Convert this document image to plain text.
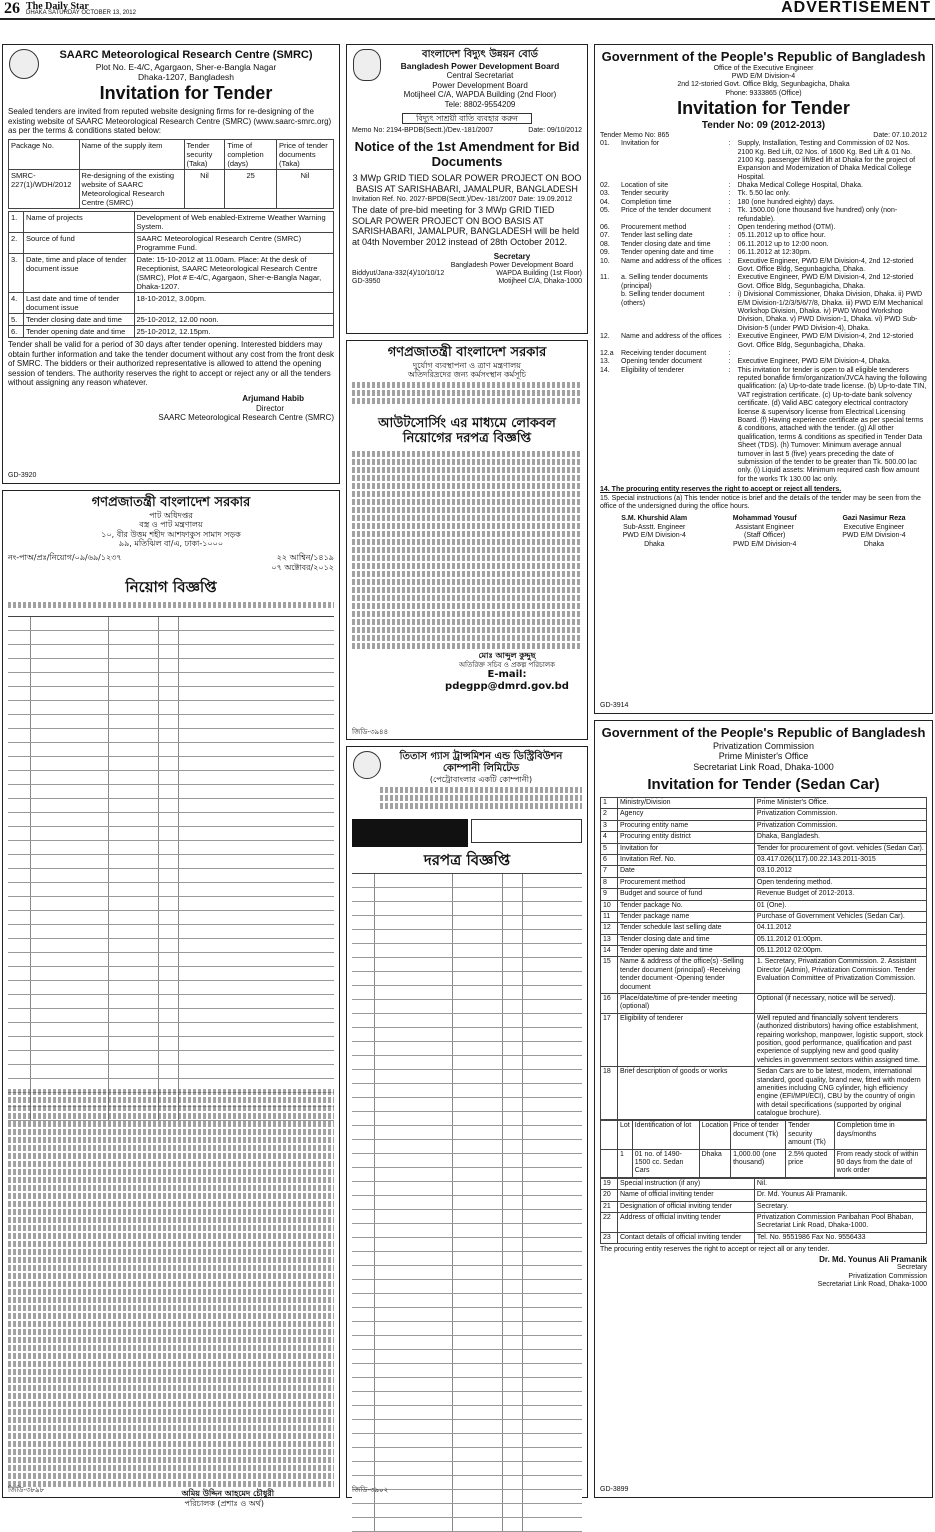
26 The Daily Star
DHAKA SATURDAY OCTOBER 13, 2012	ADVERTISEMENT
SAARC Meteorological Research Centre (SMRC)
Plot No. E-4/C, Agargaon, Sher-e-Bangla Nagar
Dhaka-1207, Bangladesh
Invitation for Tender
Sealed tenders are invited from reputed website designing firms for re-designing of the existing website of SAARC Meteorological Research Centre (SMRC) (www.saarc-smrc.org) as per the terms & conditions stated below:
Package No.	Name of the supply item	Tender security (Taka)	Time of completion (days)	Price of tender documents (Taka)
SMRC-227(1)/WDH/2012	Re-designing of the existing website of SAARC Meteorological Research Centre (SMRC)	Nil	25	Nil
1.	Name of projects	Development of Web enabled-Extreme Weather Warning System.
2.	Source of fund	SAARC Meteorological Research Centre (SMRC) Programme Fund.
3.	Date, time and place of tender document issue	Date: 15-10-2012 at 11.00am. Place: At the desk of Receptionist, SAARC Meteorological Research Centre (SMRC), Plot # E-4/C, Agargaon, Sher-e-Bangla Nagar, Dhaka-1207.
4.	Last date and time of tender document issue	18-10-2012, 3.00pm.
5.	Tender closing date and time	25-10-2012, 12.00 noon.
6.	Tender opening date and time	25-10-2012, 12.15pm.
Tender shall be valid for a period of 30 days after tender opening. Interested bidders may obtain further information and take the tender document without any cost from the front desk of SMRC. The bidders or their authorized representative is allowed to attend the opening session of tenders. The authority reserves the right to accept or reject any or all the tenders without assigning any reason whatever.
Arjumand Habib
Director
SAARC Meteorological Research Centre (SMRC)
GD-3920
গণপ্রজাতন্ত্রী বাংলাদেশ সরকার
পাট অধিদপ্তর
বস্ত্র ও পাট মন্ত্রণালয়
১০, বীর উত্তম শহীদ আশফাকুস সামাদ সড়ক
৯৯, মতিঝিল বা/এ, ঢাকা-১০০০
নং-পাঅ/প্রঃ/নিয়োগ/০৯/৬৯/১২৩৭	২২ আশ্বিন/১৪১৯
০৭ অক্টোবর/২০১২
নিয়োগ বিজ্ঞপ্তি
অমিয় উদ্দিন আহমেদ চৌধুরী
পরিচালক (প্রশাঃ ও অর্থ)
জিডি-৩৮৯৮
বাংলাদেশ বিদ্যুৎ উন্নয়ন বোর্ড
Bangladesh Power Development Board
Central Secretariat
Power Development Board
Motijheel C/A, WAPDA Building (2nd Floor)
Tele: 8802-9554209
বিদ্যুৎ সাশ্রয়ী বাতি ব্যবহার করুন
Memo No: 2194-BPDB(Sectt.)/Dev.-181/2007	Date: 09/10/2012
Notice of the 1st Amendment for Bid Documents
3 MWp GRID TIED SOLAR POWER PROJECT ON BOO BASIS AT SARISHABARI, JAMALPUR, BANGLADESH
Invitation Ref. No. 2027-BPDB(Sectt.)/Dev.-181/2007 Date: 19.09.2012
The date of pre-bid meeting for 3 MWp GRID TIED SOLAR POWER PROJECT ON BOO BASIS AT SARISHABARI, JAMALPUR, BANGLADESH will be held at 04th November 2012 instead of 28th October 2012.
Secretary
Bangladesh Power Development Board
Biddyut/Jana-332(4)/10/10/12	WAPDA Building (1st Floor)
GD-3950	Motijheel C/A, Dhaka-1000
গণপ্রজাতন্ত্রী বাংলাদেশ সরকার
দুর্যোগ ব্যবস্থাপনা ও ত্রাণ মন্ত্রণালয়
অতিদরিদ্রদের জন্য কর্মসংস্থান কর্মসূচি
আউটসোর্সিং এর মাধ্যমে লোকবল নিয়োগের দরপত্র বিজ্ঞপ্তি
মোঃ আব্দুল কুদ্দুছ
অতিরিক্ত সচিব ও প্রকল্প পরিচালক
E-mail: pdegpp@dmrd.gov.bd
জিডি-৩৯৪৪
তিতাস গ্যাস ট্রান্সমিশন এন্ড ডিস্ট্রিবিউশন কোম্পানী লিমিটেড
(পেট্রোবাংলার একটি কোম্পানী)
দরপত্র বিজ্ঞপ্তি
জিডি-৩৯০২
Government of the People's Republic of Bangladesh
Office of the Executive Engineer
PWD E/M Division-4
2nd 12-storied Govt. Office Bldg, Segunbagicha, Dhaka
Phone: 9333865 (Office)
Invitation for Tender
Tender No: 09 (2012-2013)
Tender Memo No: 865	Date: 07.10.2012
01.	Invitation for	:	Supply, Installation, Testing and Commission of 02 Nos. 2100 Kg. Bed Lift, 02 Nos. of 1600 Kg. Bed Lift & 01 No. 2100 Kg. passenger lift/Bed lift at Dhaka for the project of Expansion and Modernization of Dhaka Medical College Hospital.
02.	Location of site	:	Dhaka Medical College Hospital, Dhaka.
03.	Tender security	:	Tk. 5.50 lac only.
04.	Completion time	:	180 (one hundred eighty) days.
05.	Price of the tender document	:	Tk. 1500.00 (one thousand five hundred) only (non-refundable).
06.	Procurement method	:	Open tendering method (OTM).
07.	Tender last selling date	:	05.11.2012 up to office hour.
08.	Tender closing date and time	:	06.11.2012 up to 12:00 noon.
09.	Tender opening date and time	:	06.11.2012 at 12:30pm.
10.	Name and address of the offices :	Executive Engineer, PWD E/M Division-4, 2nd 12-storied Govt. Office Bldg, Segunbagicha, Dhaka.
11.	a. Selling tender documents (principal)
:	Executive Engineer, PWD E/M Division-4, 2nd 12-storied Govt. Office Bldg, Segunbagicha, Dhaka.
b. Selling tender document (others)
:	i) Divisional Commissioner, Dhaka Division, Dhaka. ii) PWD E/M Division-1/2/3/5/6/7/8, Dhaka. iii) PWD E/M Mechanical Workshop Division, Dhaka. iv) PWD Wood Workshop Division, Dhaka. v) PWD Division-1, Dhaka. vi) PWD Sub-Division-5 (under PWD Division-4), Dhaka.
12.	Name and address of the offices :	Executive Engineer, PWD E/M Division-4, 2nd 12-storied Govt. Office Bldg, Segunbagicha, Dhaka.
12.a	Receiving tender document	:
13.	Opening tender document	:	Executive Engineer, PWD E/M Division-4, Dhaka.
14.	Eligibility of tenderer	:	This invitation for tender is open to all eligible tenderers reputed bonafide firm/organization/JVCA having the following qualification: (a) Up-to-date trade license. (b) Up-to-date TIN, VAT registration certificate. (c) Up-to-date bank solvency certificate. (d) Valid ABC category electrical contractory license & supervisory license from Electrical Licensing Board. (f) Having experience certificate as per special terms & conditions, attached with the tender. (g) All other qualification, terms & conditions as specified in Tender Data Sheet (TDS). (h) Turnover: Minimum average annual turnover in last 5 (five) years preceding the date of submission of the tender to be greater than Tk. 500.00 lac only. (i) Liquid assets: Minimum required cash flow amount for the works Tk 130.00 lac only.
14. The procuring entity reserves the right to accept or reject all tenders.
15. Special instructions (a) This tender notice is brief and the details of the tender may be seen from the office of the undersigned during the office hours.
S.M. Khurshid Alam
Sub-Asstt. Engineer
PWD E/M Division-4
Dhaka
Mohammad Yousuf
Assistant Engineer
(Staff Officer)
PWD E/M Division-4
Gazi Nasimur Reza
Executive Engineer
PWD E/M Division-4
Dhaka
GD-3914
Government of the People's Republic of Bangladesh
Privatization Commission
Prime Minister's Office
Secretariat Link Road, Dhaka-1000
Invitation for Tender (Sedan Car)
1	Ministry/Division	Prime Minister's Office.
2	Agency	Privatization Commission.
3	Procuring entity name	Privatization Commission.
4	Procuring entity district	Dhaka, Bangladesh.
5	Invitation for	Tender for procurement of govt. vehicles (Sedan Car).
6	Invitation Ref. No.	03.417.026(117).00.22.143.2011-3015
7	Date	03.10.2012
8	Procurement method	Open tendering method.
9	Budget and source of fund	Revenue Budget of 2012-2013.
10	Tender package No.	01 (One).
11	Tender package name	Purchase of Government Vehicles (Sedan Car).
12	Tender schedule last selling date	04.11.2012
13	Tender closing date and time	05.11.2012 01:00pm.
14	Tender opening date and time	05.11.2012 02:00pm.
15	Name & address of the office(s) -Selling tender document (principal) -Receiving tender document -Opening tender document	1. Secretary, Privatization Commission. 2. Assistant Director (Admin), Privatization Commission. Tender Evaluation Committee of Privatization Commission.
16	Place/date/time of pre-tender meeting (optional)	Optional (if necessary, notice will be served).
17	Eligibility of tenderer	Well reputed and financially solvent tenderers (authorized distributors) having office establishment, repairing workshop, manpower, logistic support, stock position, good performance, qualification and past experience of supplying new and good quality vehicles in government sectors within assigned time.
18	Brief description of goods or works	Sedan Cars are to be latest, modern, international standard, good quality, brand new, fitted with modern amenities including CNG cylinder, high efficiency engine (EFI/MPI/ECI), CBU by the country of origin with detail specifications (supported by original catalogue brochure).
	Lot	Identification of lot	Location	Price of tender document (Tk)	Tender security amount (Tk)	Completion time in days/months
	1	01 no. of 1490-1500 cc. Sedan Cars	Dhaka	1,000.00 (one thousand)	2.5% quoted price	From ready stock of within 90 days from the date of work order
19	Special instruction (if any)	Nil.
20	Name of official inviting tender	Dr. Md. Younus Ali Pramanik.
21	Designation of official inviting tender	Secretary.
22	Address of official inviting tender	Privatization Commission Paribahan Pool Bhaban, Secretariat Link Road, Dhaka-1000.
23	Contact details of official inviting tender	Tel. No. 9551986 Fax No. 9556433
The procuring entity reserves the right to accept or reject all or any tender.
Dr. Md. Younus Ali Pramanik
Secretary
Privatization Commission
Secretariat Link Road, Dhaka-1000
GD-3899
